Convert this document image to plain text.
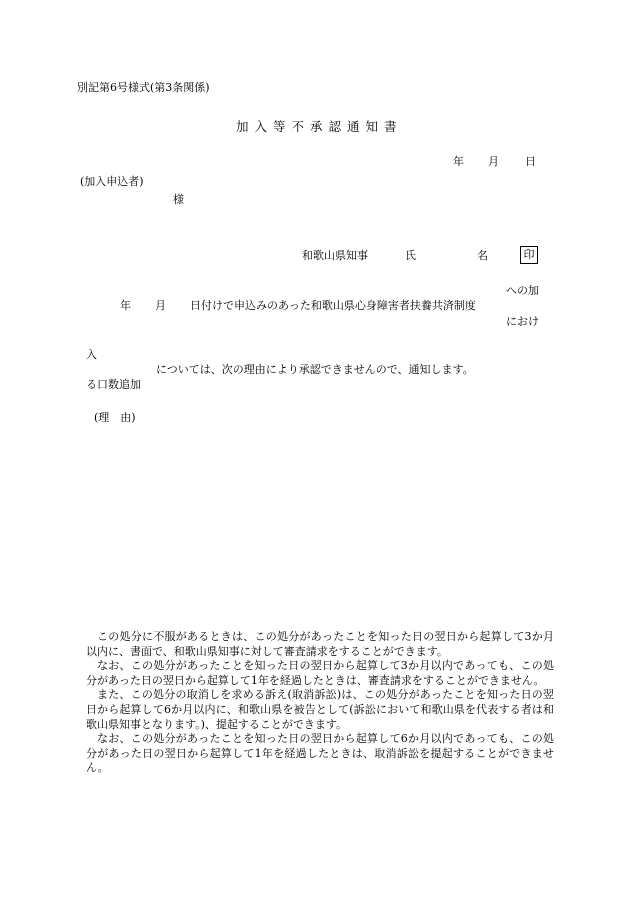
別記第6号様式(第3条関係)
加入等不承認通知書
年 月 日
(加入申込者)
様
和歌山県知事	氏	名	印
への加
年 月 日付けで申込みのあった和歌山県心身障害者扶養共済制度
におけ
入
については、次の理由により承認できませんので、通知します。
る口数追加
(理　由)

この処分に不服があるときは、この処分があったことを知った日の翌日から起算して3か月以内に、書面で、和歌山県知事に対して審査請求をすることができます。

なお、この処分があったことを知った日の翌日から起算して3か月以内であっても、この処分があった日の翌日から起算して1年を経過したときは、審査請求をすることができません。

また、この処分の取消しを求める訴え(取消訴訟)は、この処分があったことを知った日の翌日から起算して6か月以内に、和歌山県を被告として(訴訟において和歌山県を代表する者は和歌山県知事となります。)、提起することができます。

なお、この処分があったことを知った日の翌日から起算して6か月以内であっても、この処分があった日の翌日から起算して1年を経過したときは、取消訴訟を提起することができません。
